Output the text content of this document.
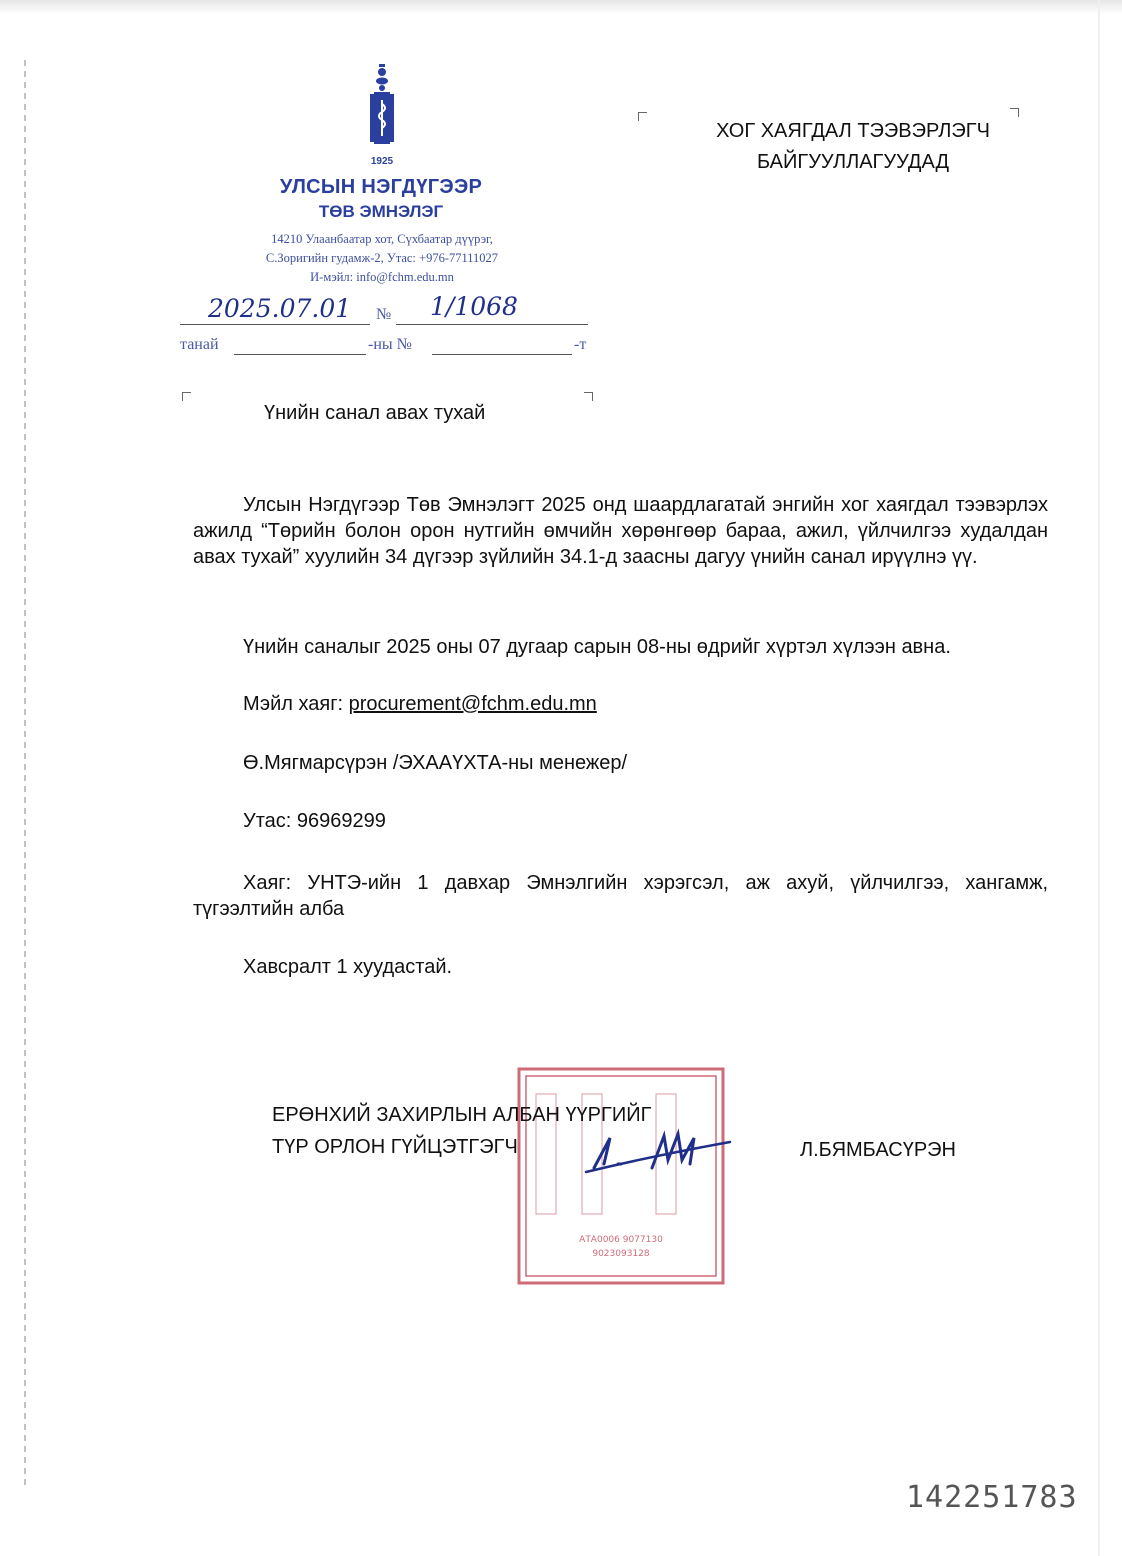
1925
УЛСЫН НЭГДҮГЭЭР
ТӨВ ЭМНЭЛЭГ
14210 Улаанбаатар хот, Сүхбаатар дүүрэг,
С.Зоригийн гудамж-2, Утас: +976-77111027
И-мэйл: info@fchm.edu.mn
2025.07.01 № 1/1068
танай	-ны №	-т
ХОГ ХАЯГДАЛ ТЭЭВЭРЛЭГЧ
БАЙГУУЛЛАГУУДАД
Үнийн санал авах тухай
Улсын Нэгдүгээр Төв Эмнэлэгт 2025 онд шаардлагатай энгийн хог хаягдал тээвэрлэх ажилд “Төрийн болон орон нутгийн өмчийн хөрөнгөөр бараа, ажил, үйлчилгээ худалдан авах тухай” хуулийн 34 дүгээр зүйлийн 34.1-д заасны дагуу үнийн санал ирүүлнэ үү.
Үнийн саналыг 2025 оны 07 дугаар сарын 08-ны өдрийг хүртэл хүлээн авна.
Мэйл хаяг: procurement@fchm.edu.mn
Ө.Мягмарсүрэн /ЭХААҮХТА-ны менежер/
Утас: 96969299
Хаяг: УНТЭ-ийн 1 давхар Эмнэлгийн хэрэгсэл, аж ахуй, үйлчилгээ, хангамж, түгээлтийн алба
Хавсралт 1 хуудастай.
АТА0006 9077130
9023093128
ЕРӨНХИЙ ЗАХИРЛЫН АЛБАН ҮҮРГИЙГ
ТҮР ОРЛОН ГҮЙЦЭТГЭГЧ	Л.БЯМБАСҮРЭН
142251783
